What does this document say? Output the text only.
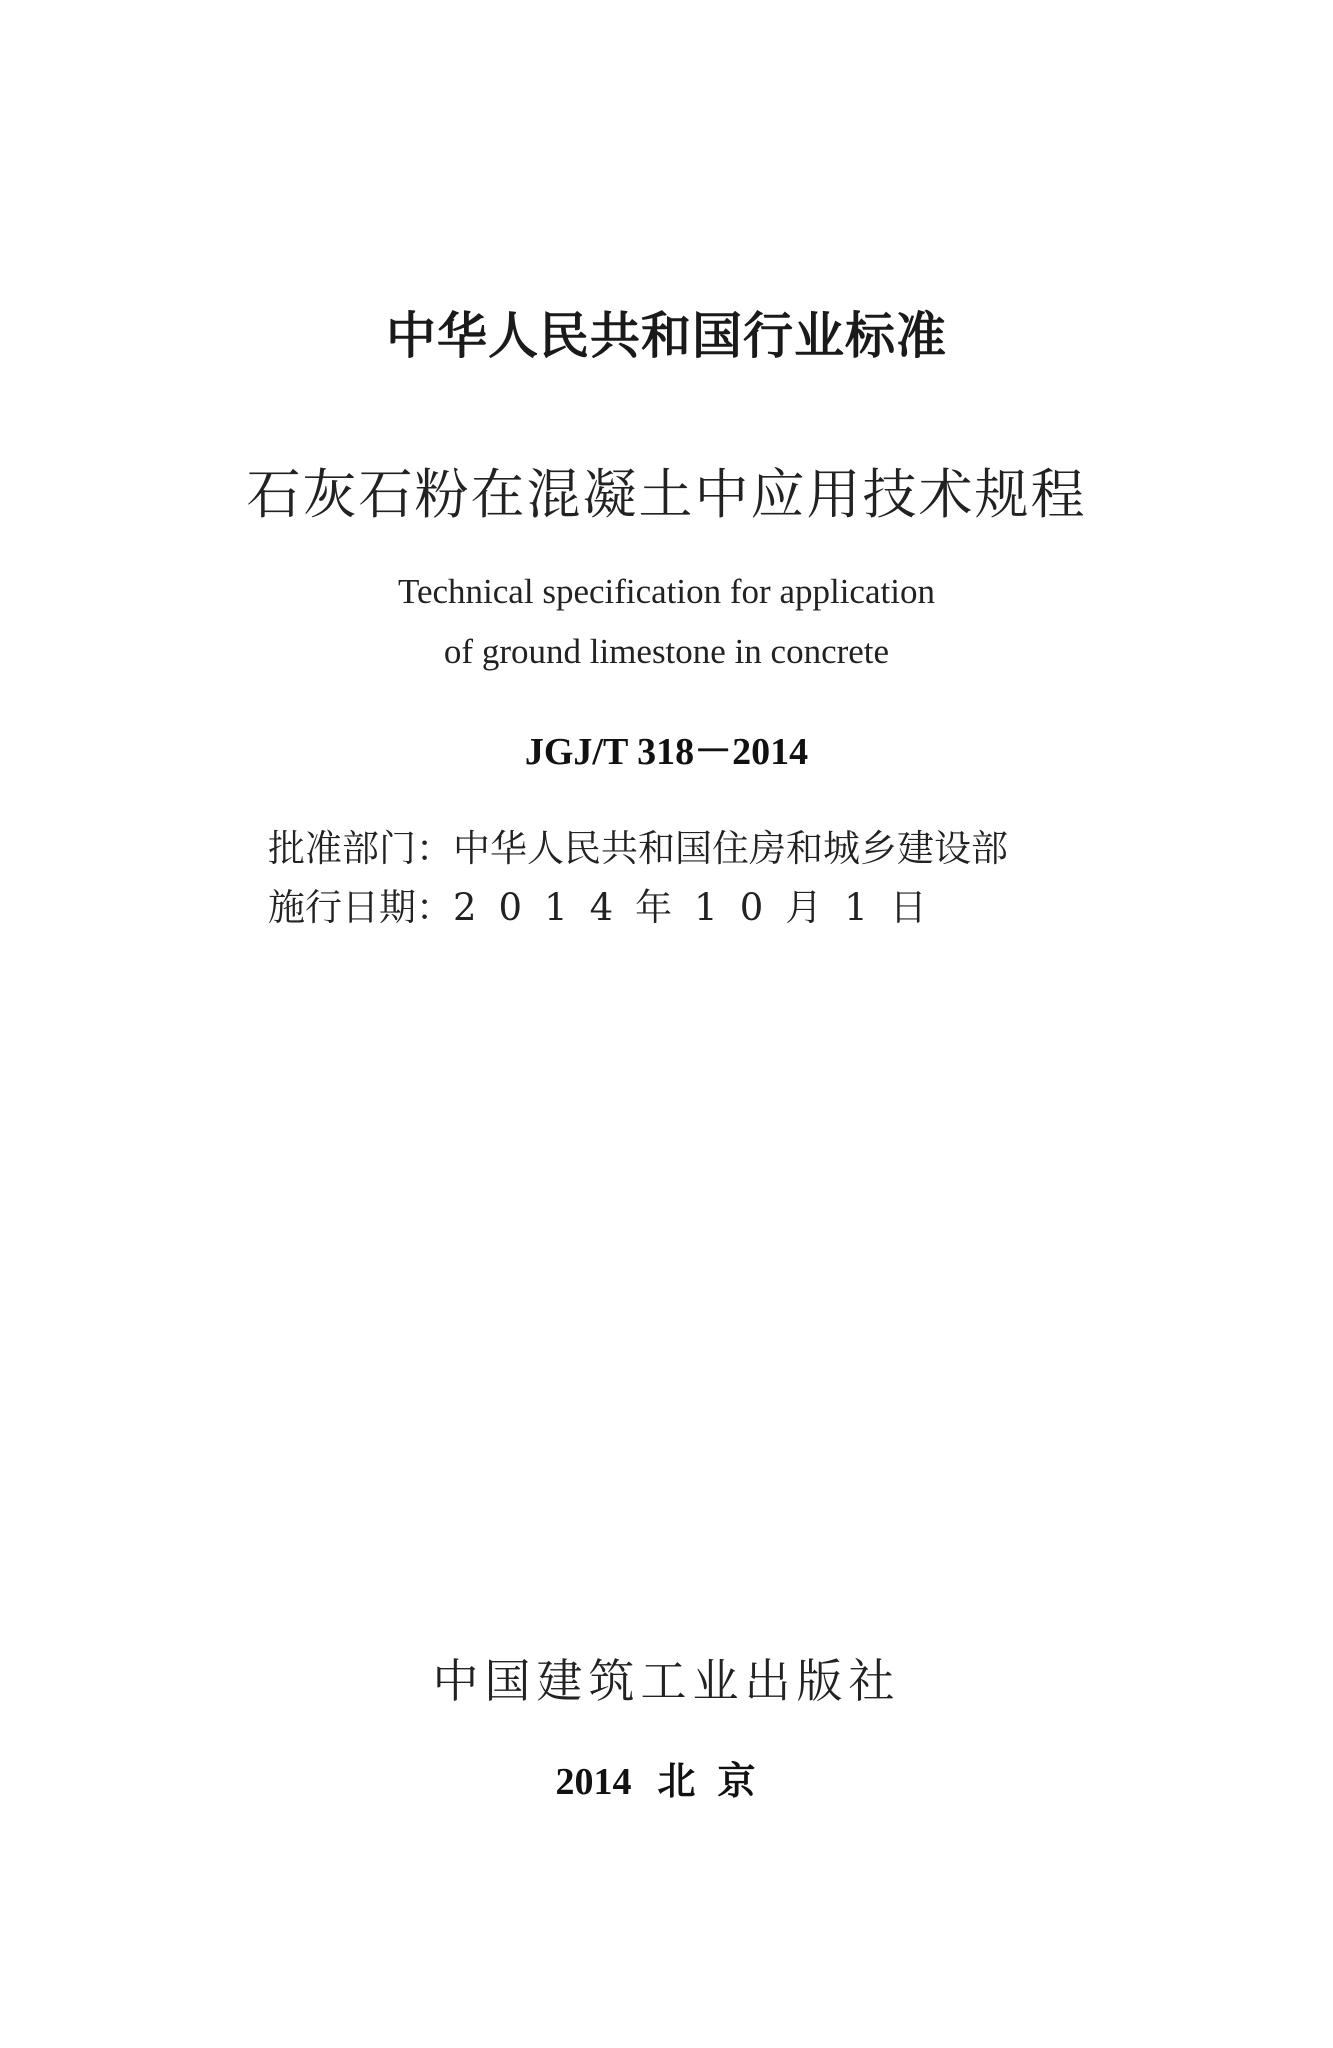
中华人民共和国行业标准
石灰石粉在混凝土中应用技术规程
Technical specification for application
of ground limestone in concrete
JGJ/T 318－2014
批准部门：中华人民共和国住房和城乡建设部
施行日期：2014年10月1日
中国建筑工业出版社
2014 北京
